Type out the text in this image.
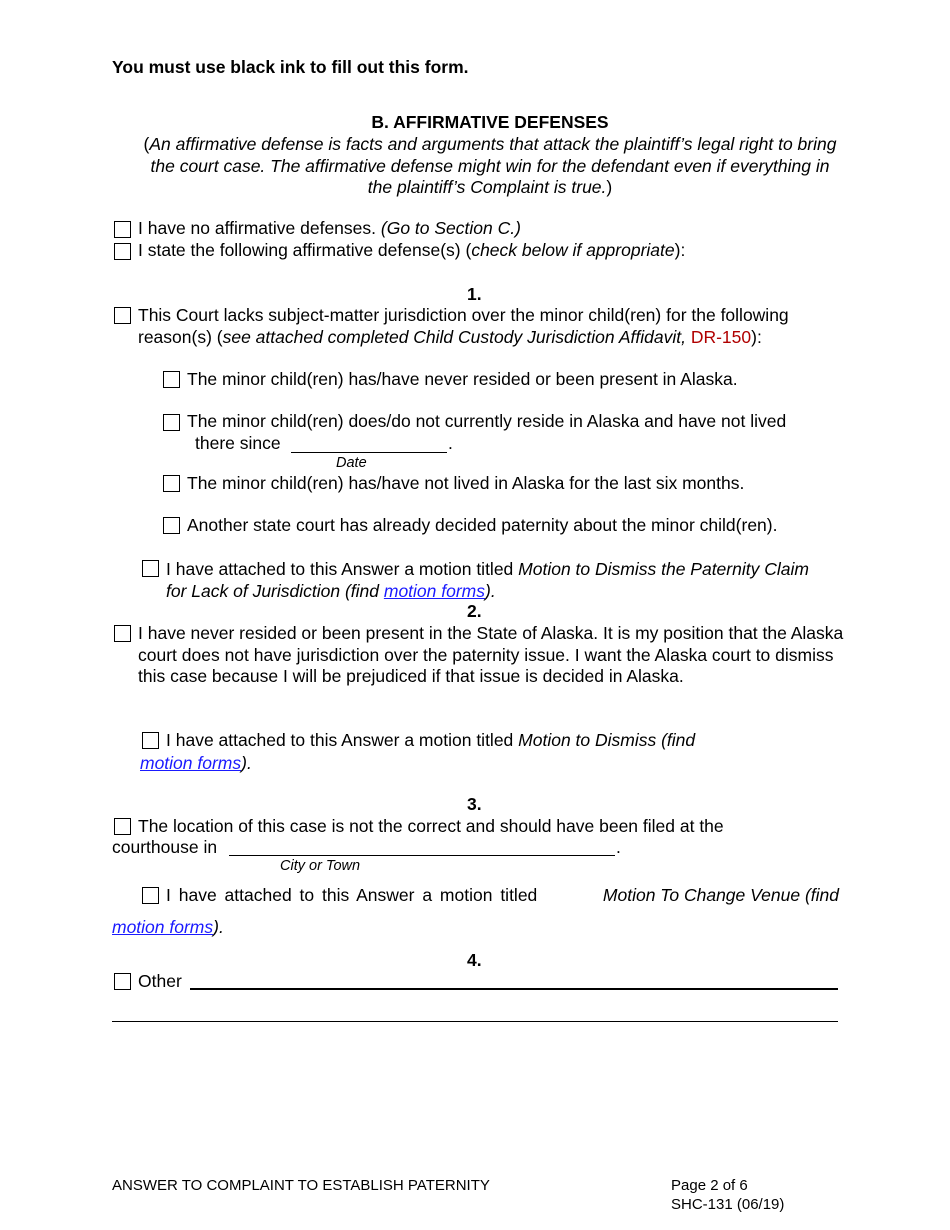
You must use black ink to fill out this form.
B. AFFIRMATIVE DEFENSES
(An affirmative defense is facts and arguments that attack the plaintiff’s legal right to bring the court case. The affirmative defense might win for the defendant even if everything in the plaintiff’s Complaint is true.)
I have no affirmative defenses. (Go to Section C.)
I state the following affirmative defense(s) (check below if appropriate):
1.
This Court lacks subject-matter jurisdiction over the minor child(ren) for the following reason(s) (see attached completed Child Custody Jurisdiction Affidavit, DR-150):
The minor child(ren) has/have never resided or been present in Alaska.
The minor child(ren) does/do not currently reside in Alaska and have not lived
there since	.
Date
The minor child(ren) has/have not lived in Alaska for the last six months.
Another state court has already decided paternity about the minor child(ren).
I have attached to this Answer a motion titled Motion to Dismiss the Paternity Claim for Lack of Jurisdiction (find motion forms).
2.
I have never resided or been present in the State of Alaska. It is my position that the Alaska court does not have jurisdiction over the paternity issue. I want the Alaska court to dismiss this case because I will be prejudiced if that issue is decided in Alaska.
I have attached to this Answer a motion titled Motion to Dismiss (find
motion forms).
3.
The location of this case is not the correct and should have been filed at the
courthouse in	.
City or Town
I have attached to this Answer a motion titled	Motion To Change Venue (find
motion forms).
4.
Other
ANSWER TO COMPLAINT TO ESTABLISH PATERNITY	Page 2 of 6
SHC-131 (06/19)
